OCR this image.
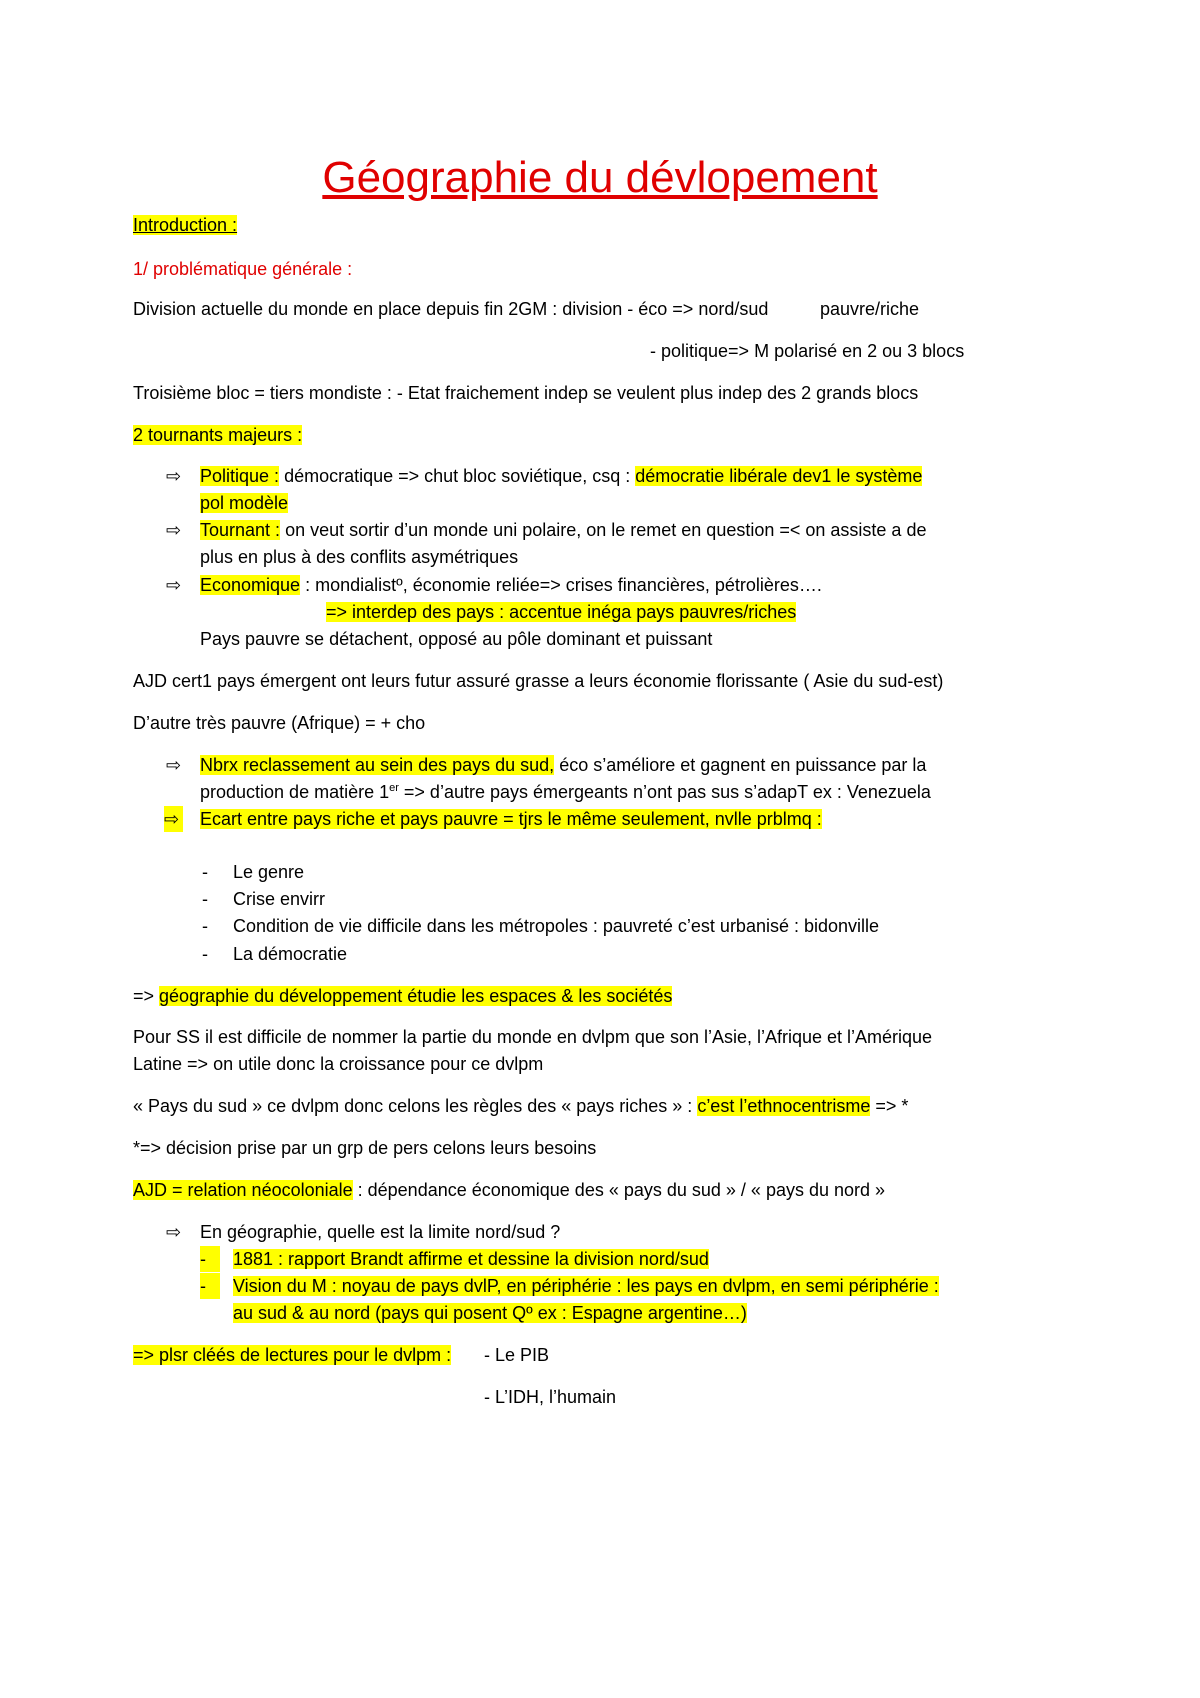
Géographie du dévlopement
Introduction :
1/ problématique générale :
Division actuelle du monde en place depuis fin 2GM : division - éco => nord/sud	pauvre/riche
- politique=> M polarisé en 2 ou 3 blocs
Troisième bloc = tiers mondiste : - Etat fraichement indep se veulent plus indep des 2 grands blocs
2 tournants majeurs :
⇨ Politique : démocratique => chut bloc soviétique, csq : démocratie libérale dev1 le système
pol modèle
⇨ Tournant : on veut sortir d’un monde uni polaire, on le remet en question =< on assiste a de
plus en plus à des conflits asymétriques
⇨ Economique : mondialistº, économie reliée=> crises financières, pétrolières….
=> interdep des pays : accentue inéga pays pauvres/riches
Pays pauvre se détachent, opposé au pôle dominant et puissant
AJD cert1 pays émergent ont leurs futur assuré grasse a leurs économie florissante ( Asie du sud-est)
D’autre très pauvre (Afrique) = + cho
⇨ Nbrx reclassement au sein des pays du sud, éco s’améliore et gagnent en puissance par la
production de matière 1er => d’autre pays émergeants n’ont pas sus s’adapT ex : Venezuela
⇨ Ecart entre pays riche et pays pauvre = tjrs le même seulement, nvlle prblmq :
- Le genre
- Crise envirr
- Condition de vie difficile dans les métropoles : pauvreté c’est urbanisé : bidonville
- La démocratie
=> géographie du développement étudie les espaces & les sociétés
Pour SS il est difficile de nommer la partie du monde en dvlpm que son l’Asie, l’Afrique et l’Amérique
Latine => on utile donc la croissance pour ce dvlpm
« Pays du sud » ce dvlpm donc celons les règles des « pays riches » : c’est l’ethnocentrisme => *
*=> décision prise par un grp de pers celons leurs besoins
AJD = relation néocoloniale : dépendance économique des « pays du sud » / « pays du nord »
⇨ En géographie, quelle est la limite nord/sud ?
-	1881 : rapport Brandt affirme et dessine la division nord/sud
-	Vision du M : noyau de pays dvlP, en périphérie : les pays en dvlpm, en semi périphérie :
au sud & au nord (pays qui posent Qº ex : Espagne argentine…)
=> plsr cléés de lectures pour le dvlpm : - Le PIB
- L’IDH, l’humain
